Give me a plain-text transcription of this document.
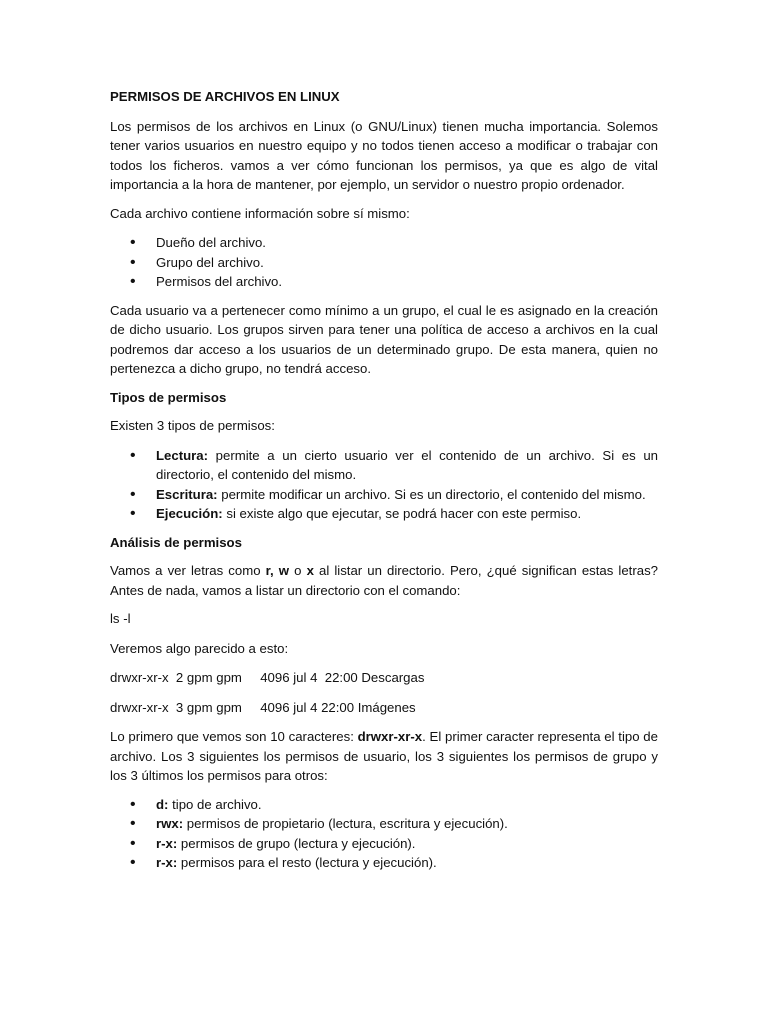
PERMISOS DE ARCHIVOS EN LINUX

Los permisos de los archivos en Linux (o GNU/Linux) tienen mucha importancia. Solemos tener varios usuarios en nuestro equipo y no todos tienen acceso a modificar o trabajar con todos los ficheros. vamos a ver cómo funcionan los permisos, ya que es algo de vital importancia a la hora de mantener, por ejemplo, un servidor o nuestro propio ordenador.

Cada archivo contiene información sobre sí mismo:

• Dueño del archivo.
• Grupo del archivo.
• Permisos del archivo.

Cada usuario va a pertenecer como mínimo a un grupo, el cual le es asignado en la creación de dicho usuario. Los grupos sirven para tener una política de acceso a archivos en la cual podremos dar acceso a los usuarios de un determinado grupo. De esta manera, quien no pertenezca a dicho grupo, no tendrá acceso.

Tipos de permisos

Existen 3 tipos de permisos:

• Lectura: permite a un cierto usuario ver el contenido de un archivo. Si es un directorio, el contenido del mismo.
• Escritura: permite modificar un archivo. Si es un directorio, el contenido del mismo.
• Ejecución: si existe algo que ejecutar, se podrá hacer con este permiso.

Análisis de permisos

Vamos a ver letras como r, w o x al listar un directorio. Pero, ¿qué significan estas letras? Antes de nada, vamos a listar un directorio con el comando:

ls -l

Veremos algo parecido a esto:

drwxr-xr-x  2 gpm gpm     4096 jul 4  22:00 Descargas

drwxr-xr-x  3 gpm gpm     4096 jul 4 22:00 Imágenes

Lo primero que vemos son 10 caracteres: drwxr-xr-x. El primer caracter representa el tipo de archivo. Los 3 siguientes los permisos de usuario, los 3 siguientes los permisos de grupo y los 3 últimos los permisos para otros:

• d: tipo de archivo.
• rwx: permisos de propietario (lectura, escritura y ejecución).
• r-x: permisos de grupo (lectura y ejecución).
• r-x: permisos para el resto (lectura y ejecución).
